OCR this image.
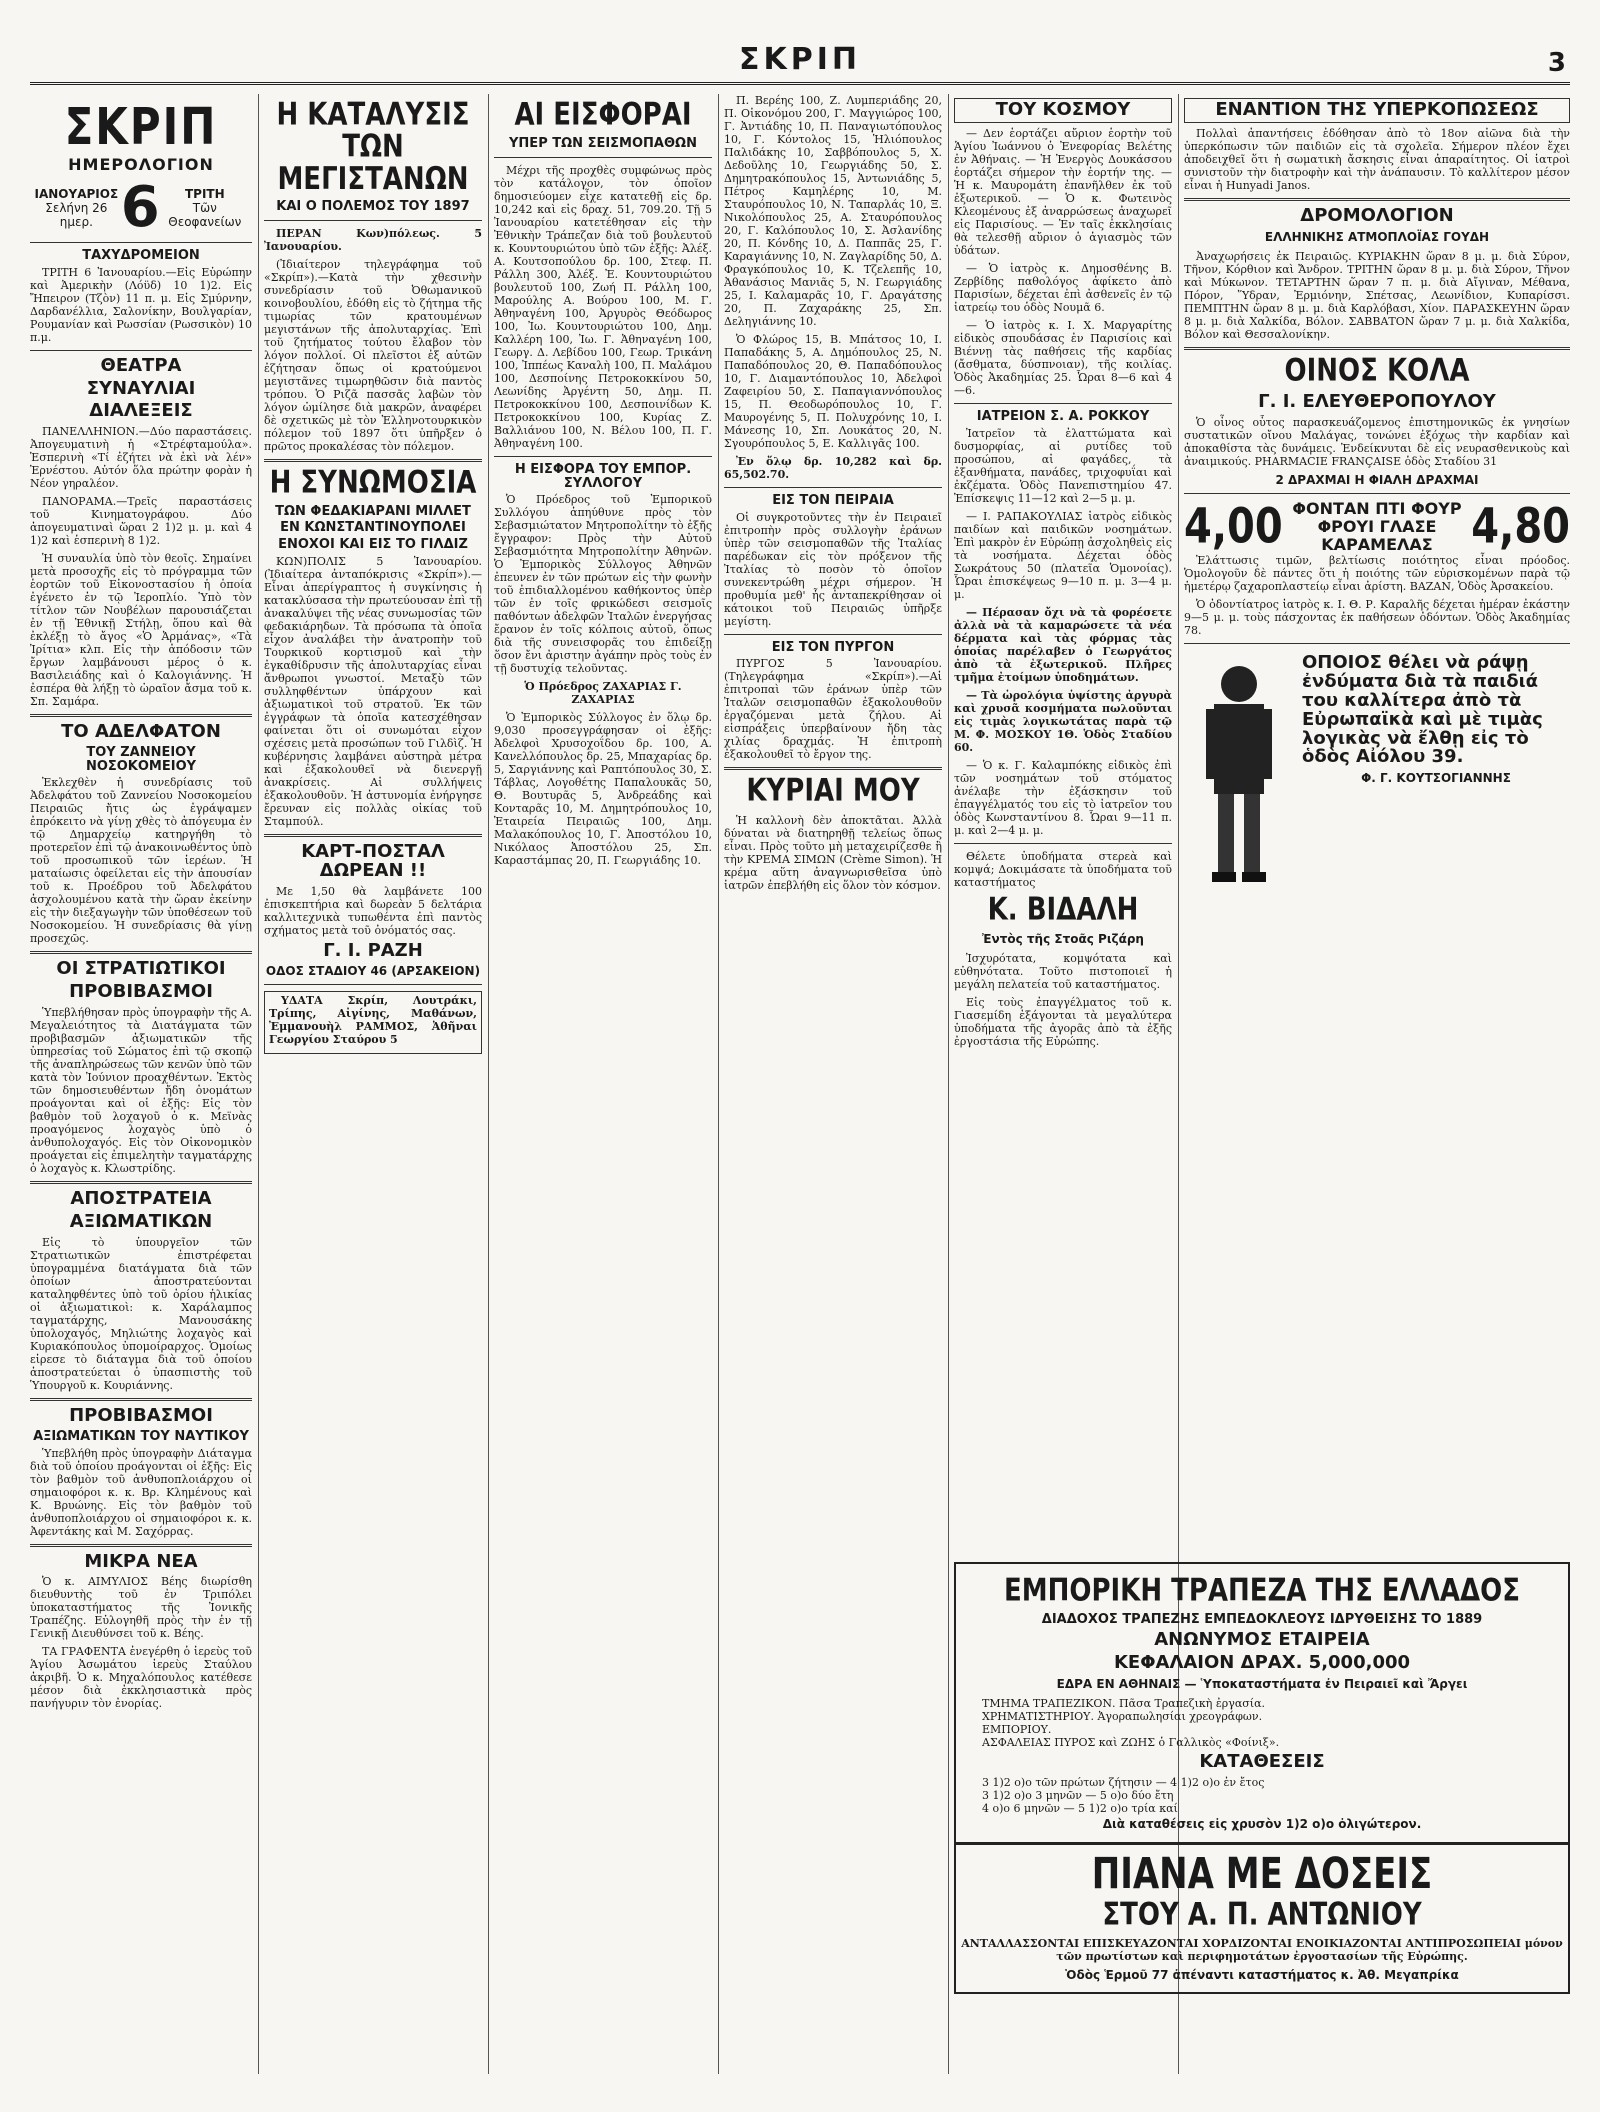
ΣΚΡΙΠ	3
ΣΚΡΙΠ
ΗΜΕΡΟΛΟΓΙΟΝ
ΙΑΝΟΥΑΡΙΟΣ
Σελήνη 26 ημερ. 6	ΤΡΙΤΗ
Τῶν Θεοφανείων
ΤΑΧΥΔΡΟΜΕΙΟΝ

ΤΡΙΤΗ 6 Ἰανουαρίου.—Εἰς Εὐρώπην καὶ Ἀμερικὴν (Λόϋδ) 10 1)2. Εἰς Ἤπειρον (Τζὸν) 11 π. μ. Εἰς Σμύρνην, Δαρδανέλλια, Σαλονίκην, Βουλγαρίαν, Ρουμανίαν καὶ Ρωσσίαν (Ρωσσικὸν) 10 π.μ.

ΘΕΑΤΡΑ
ΣΥΝΑΥΛΙΑΙ
ΔΙΑΛΕΞΕΙΣ

ΠΑΝΕΛΛΗΝΙΟΝ.—Δύο παραστάσεις. Ἀπογευματινὴ ἡ «Στρέφταμούλα». Ἑσπερινὴ «Τί ἐζήτει νὰ ἐκὶ νὰ λέν» Ἐρνέστου. Αὐτόν ὅλα πρώτην φορὰν ἡ Νέον γηραλέον.

ΠΑΝΟΡΑΜΑ.—Τρεῖς παραστάσεις τοῦ Κινηματογράφου. Δύο ἀπογευματιναὶ ὥραι 2 1)2 μ. μ. καὶ 4 1)2 καὶ ἑσπερινὴ 8 1)2.

Ἡ συναυλία ὑπὸ τὸν θεοῖς. Σημαίνει μετὰ προσοχῆς εἰς τὸ πρόγραμμα τῶν ἑορτῶν τοῦ Εἰκονοστασίου ἡ ὁποία ἐγένετο ἐν τῷ Ἰεροπλίο. Ὑπὸ τὸν τίτλον τῶν Νουβέλων παρουσιάζεται ἐν τῇ Ἐθνικῇ Στήλῃ, ὅπου καὶ θὰ ἐκλέξῃ τὸ ἄγος «Ὁ Ἀρμάνας», «Τὰ Ἰρίτια» κλπ. Εἰς τὴν ἀπόδοσιν τῶν ἔργων λαμβάνουσι μέρος ὁ κ. Βασιλειάδης καὶ ὁ Καλογιάννης. Ἡ ἐσπέρα θὰ λήξῃ τὸ ὠραῖον ἄσμα τοῦ κ. Σπ. Σαμάρα.

ΤΟ ΑΔΕΛΦΑΤΟΝ
ΤΟΥ ΖΑΝΝΕΙΟΥ ΝΟΣΟΚΟΜΕΙΟΥ

Ἐκλεχθὲν ἡ συνεδρίασις τοῦ Ἀδελφάτου τοῦ Ζαννείου Νοσοκομείου Πειραιῶς ἤτις ὡς ἐγράψαμεν ἐπρόκειτο νὰ γίνῃ χθὲς τὸ ἀπόγευμα ἐν τῷ Δημαρχείῳ κατηργήθη τὸ προτερεῖον ἐπὶ τῷ ἀνακοινωθέντος ὑπὸ τοῦ προσωπικοῦ τῶν ἱερέων. Ἡ ματαίωσις ὀφείλεται εἰς τὴν ἀπουσίαν τοῦ κ. Προέδρου τοῦ Ἀδελφάτου ἀσχολουμένου κατὰ τὴν ὥραν ἐκείνην εἰς τὴν διεξαγωγὴν τῶν ὑποθέσεων τοῦ Νοσοκομείου. Ἡ συνεδρίασις θὰ γίνῃ προσεχῶς.

ΟΙ ΣΤΡΑΤΙΩΤΙΚΟΙ
ΠΡΟΒΙΒΑΣΜΟΙ

Ὑπεβλήθησαν πρὸς ὑπογραφὴν τῆς Α. Μεγαλειότητος τὰ Διατάγματα τῶν προβιβασμῶν ἀξιωματικῶν τῆς ὑπηρεσίας τοῦ Σώματος ἐπὶ τῷ σκοπῷ τῆς ἀναπληρώσεως τῶν κενῶν ὑπὸ τῶν κατὰ τὸν Ἰούνιον προαχθέντων. Ἐκτὸς τῶν δημοσιευθέντων ἤδη ὀνομάτων προάγονται καὶ οἱ ἑξῆς: Εἰς τὸν βαθμὸν τοῦ λοχαγοῦ ὁ κ. Μεϊνὰς προαγόμενος λοχαγὸς ὑπὸ ὁ ἀνθυπολοχαγός. Εἰς τὸν Οἰκονομικὸν προάγεται εἰς ἐπιμελητὴν ταγματάρχης ὁ λοχαγὸς κ. Κλωστρίδης.

ΑΠΟΣΤΡΑΤΕΙΑ
ΑΞΙΩΜΑΤΙΚΩΝ

Εἰς τὸ ὑπουργεῖον τῶν Στρατιωτικῶν ἐπιστρέφεται ὑπογραμμένα διατάγματα διὰ τῶν ὁποίων ἀποστρατεύονται καταληφθέντες ὑπὸ τοῦ ὁρίου ἡλικίας οἱ ἀξιωματικοὶ: κ. Χαράλαμπος ταγματάρχης, Μανουσάκης ὑπολοχαγός, Μηλιώτης λοχαγὸς καὶ Κυριακόπουλος ὑπομοίραρχος. Ὁμοίως εἰρεσε τὸ διάταγμα διὰ τοῦ ὁποίου ἀποστρατεύεται ὁ ὑπασπιστὴς τοῦ Ὑπουργοῦ κ. Κουριάννης.

ΠΡΟΒΙΒΑΣΜΟΙ
ΑΞΙΩΜΑΤΙΚΩΝ ΤΟΥ ΝΑΥΤΙΚΟΥ

Ὑπεβλήθη πρὸς ὑπογραφὴν Διάταγμα διὰ τοῦ ὁποίου προάγονται οἱ ἑξῆς: Εἰς τὸν βαθμὸν τοῦ ἀνθυποπλοιάρχου οἱ σημαιοφόροι κ. κ. Βρ. Κλημένους καὶ Κ. Βρυώνης. Εἰς τὸν βαθμὸν τοῦ ἀνθυποπλοιάρχου οἱ σημαιοφόροι κ. κ. Ἀφεντάκης καὶ Μ. Σαχόρρας.

ΜΙΚΡΑ ΝΕΑ

Ὁ κ. ΑΙΜΥΛΙΟΣ Βέης διωρίσθη διευθυντὴς τοῦ ἐν Τριπόλει ὑποκαταστήματος τῆς Ἰονικῆς Τραπέζης. Εὐλογηθῆ πρὸς τὴν ἐν τῇ Γενικῇ Διευθύνσει τοῦ κ. Βέης.

ΤΑ ΓΡΑΦΕΝΤΑ ἐνεγέρθη ὁ ἱερεὺς τοῦ Ἁγίου Ἀσωμάτου ἱερεὺς Σταύλου ἀκριβῆ. Ὁ κ. Μηχαλόπουλος κατέθεσε μέσον διὰ ἐκκλησιαστικὰ πρὸς πανήγυριν τὸν ἐνορίας.

Η ΚΑΤΑΛΥΣΙΣ
ΤΩΝ ΜΕΓΙΣΤΑΝΩΝ
ΚΑΙ Ο ΠΟΛΕΜΟΣ ΤΟΥ 1897

ΠΕΡΑΝ Κων)πόλεως. 5 Ἰανουαρίου.

(Ἰδιαίτερον τηλεγράφημα τοῦ «Σκρίπ»).—Κατὰ τὴν χθεσινὴν συνεδρίασιν τοῦ Ὀθωμανικοῦ κοινοβουλίου, ἐδόθη εἰς τὸ ζήτημα τῆς τιμωρίας τῶν κρατουμένων μεγιστάνων τῆς ἀπολυταρχίας. Ἐπὶ τοῦ ζητήματος τούτου ἔλαβον τὸν λόγον πολλοί. Οἱ πλεῖστοι ἐξ αὐτῶν ἐζήτησαν ὅπως οἱ κρατούμενοι μεγιστᾶνες τιμωρηθῶσιν διὰ παντὸς τρόπου. Ὁ Ριζᾶ πασσᾶς λαβὼν τὸν λόγον ὡμίλησε διὰ μακρῶν, ἀναφέρει δὲ σχετικῶς μὲ τὸν Ἑλληνοτουρκικὸν πόλεμον τοῦ 1897 ὅτι ὑπῆρξεν ὁ πρῶτος προκαλέσας τὸν πόλεμον.

Η ΣΥΝΩΜΟΣΙΑ
ΤΩΝ ΦΕΔΑΚΙΑΡΑΝΙ ΜΙΛΛΕΤ
ΕΝ ΚΩΝΣΤΑΝΤΙΝΟΥΠΟΛΕΙ
ΕΝΟΧΟΙ ΚΑΙ ΕΙΣ ΤΟ ΓΙΛΔΙΖ

ΚΩΝ)ΠΟΛΙΣ 5 Ἰανουαρίου. (Ἰδιαίτερα ἀνταπόκρισις «Σκρίπ»).—Εἶναι ἀπερίγραπτος ἡ συγκίνησις ἡ κατακλύσασα τὴν πρωτεύουσαν ἐπὶ τῇ ἀνακαλύψει τῆς νέας συνωμοσίας τῶν φεδακιάρηδων. Τὰ πρόσωπα τὰ ὁποῖα εἶχον ἀναλάβει τὴν ἀνατροπὴν τοῦ Τουρκικοῦ κορτισμοῦ καὶ τὴν ἐγκαθίδρυσιν τῆς ἀπολυταρχίας εἶναι ἄνθρωποι γνωστοί. Μεταξὺ τῶν συλληφθέντων ὑπάρχουν καὶ ἀξιωματικοὶ τοῦ στρατοῦ. Ἐκ τῶν ἐγγράφων τὰ ὁποῖα κατεσχέθησαν φαίνεται ὅτι οἱ συνωμόται εἶχον σχέσεις μετὰ προσώπων τοῦ Γιλδὶζ. Ἡ κυβέρνησις λαμβάνει αὐστηρὰ μέτρα καὶ ἐξακολουθεῖ νὰ διενεργῇ ἀνακρίσεις. Αἱ συλλήψεις ἐξακολουθοῦν. Ἡ ἀστυνομία ἐνήργησε ἔρευναν εἰς πολλὰς οἰκίας τοῦ Σταμπούλ.

ΚΑΡΤ-ΠΟΣΤΑΛ ΔΩΡΕΑΝ !!

Με 1,50 θὰ λαμβάνετε 100 ἐπισκεπτήρια καὶ δωρεὰν 5 δελτάρια καλλιτεχνικὰ τυπωθέντα ἐπὶ παντὸς σχήματος μετὰ τοῦ ὀνόματός σας.

Γ. Ι. ΡΑΖΗ
ΟΔΟΣ ΣΤΑΔΙΟΥ 46 (ΑΡΣΑΚΕΙΟΝ)

ΥΔΑΤΑ Σκρίπ, Λουτράκι, Τρίπης, Αἰγίνης, Μαθάνων, Ἐμμανουὴλ ΡΑΜΜΟΣ, Ἀθῆναι Γεωργίου Σταύρου 5

ΑΙ ΕΙΣΦΟΡΑΙ
ΥΠΕΡ ΤΩΝ ΣΕΙΣΜΟΠΑΘΩΝ

Μέχρι τῆς προχθὲς συμφώνως πρὸς τὸν κατάλογον, τὸν ὁποῖον δημοσιεύομεν εἶχε κατατεθῇ εἰς δρ. 10,242 καὶ εἰς δραχ. 51, 709.20. Τῇ 5 Ἰανουαρίου κατετέθησαν εἰς τὴν Ἐθνικὴν Τράπεζαν διὰ τοῦ βουλευτοῦ κ. Κουντουριώτου ὑπὸ τῶν ἑξῆς: Ἀλέξ. Α. Κουτσοπούλου δρ. 100, Στεφ. Π. Ράλλη 300, Ἀλέξ. Ἐ. Κουντουριώτου βουλευτοῦ 100, Ζωή Π. Ράλλη 100, Μαρούλης Α. Βούρου 100, Μ. Γ. Ἀθηναγένη 100, Ἀργυρὸς Θεόδωρος 100, Ἰω. Κουντουριώτου 100, Δημ. Καλλέρη 100, Ἰω. Γ. Ἀθηναγένη 100, Γεωργ. Δ. Λεβίδου 100, Γεωρ. Τρικάνη 100, Ἰππέως Καναλὴ 100, Π. Μαλάμου 100, Δεσποίνης Πετροκοκκίνου 50, Λεωνίδης Ἀργέντη 50, Δημ. Π. Πετροκοκκίνου 100, Δεσποινίδων Κ. Πετροκοκκίνου 100, Κυρίας Ζ. Βαλλιάνου 100, Ν. Βέλου 100, Π. Γ. Ἀθηναγένη 100.

Η ΕΙΣΦΟΡΑ ΤΟΥ ΕΜΠΟΡ. ΣΥΛΛΟΓΟΥ

Ὁ Πρόεδρος τοῦ Ἐμπορικοῦ Συλλόγου ἀπηύθυνε πρὸς τὸν Σεβασμιώτατον Μητροπολίτην τὸ ἑξῆς ἔγγραφον: Πρὸς τὴν Αὐτοῦ Σεβασμιότητα Μητροπολίτην Ἀθηνῶν. Ὁ Ἐμπορικὸς Σύλλογος Ἀθηνῶν ἐπευνεν ἐν τῶν πρώτων εἰς τὴν φωνὴν τοῦ ἐπιδιαλλομένου καθήκοντος ὑπὲρ τῶν ἐν τοῖς φρικώδεσι σεισμοῖς παθόντων ἀδελφῶν Ἰταλῶν ἐνεργήσας ἔρανον ἐν τοῖς κόλποις αὐτοῦ, ὅπως διὰ τῆς συνεισφορᾶς του ἐπιδείξῃ ὅσον ἔνι ἀριστην ἀγάπην πρὸς τοὺς ἐν τῇ δυστυχίᾳ τελοῦντας.

Ὁ Πρόεδρος ΖΑΧΑΡΙΑΣ Γ. ΖΑΧΑΡΙΑΣ

Ὁ Ἐμπορικὸς Σύλλογος ἐν ὅλῳ δρ. 9,030 προσεγγράφησαν οἱ ἑξῆς: Ἀδελφοὶ Χρυσοχοΐδου δρ. 100, Α. Κανελλόπουλος δρ. 25, Μπαχαρίας δρ. 5, Σαργιάννης καὶ Ραπτόπουλος 30, Σ. Τάβλας, Λογοθέτης Παπαλουκᾶς 50, Θ. Βουτυρᾶς 5, Ἀνδρεάδης καὶ Κονταρᾶς 10, Μ. Δημητρόπουλος 10, Ἑταιρεία Πειραιῶς 100, Δημ. Μαλακόπουλος 10, Γ. Ἀποστόλου 10, Νικόλαος Ἀποστόλου 25, Σπ. Καραστάμπας 20, Π. Γεωργιάδης 10.

Π. Βερέης 100, Ζ. Λυμπεριάδης 20, Π. Οἰκονόμου 200, Γ. Μαγγιώρος 100, Γ. Ἀντιάδης 10, Π. Παναγιωτόπουλος 10, Γ. Κόντολος 15, Ἡλιόπουλος Παλιδάκης 10, Σαββόπουλος 5, Χ. Δεδοῦλης 10, Γεωργιάδης 50, Σ. Δημητρακόπουλος 15, Ἀντωνιάδης 5, Πέτρος Καμηλέρης 10, Μ. Σταυρόπουλος 10, Ν. Ταπαρλάς 10, Ξ. Νικολόπουλος 25, Α. Σταυρόπουλος 20, Γ. Καλόπουλος 10, Σ. Ἀσλανίδης 20, Π. Κόνδης 10, Δ. Παππᾶς 25, Γ. Καραγιάννης 10, Ν. Ζαγλαρίδης 50, Δ. Φραγκόπουλος 10, Κ. Τζελεπῆς 10, Ἀθανάσιος Μανιᾶς 5, Ν. Γεωργιάδης 25, Ι. Καλαμαρᾶς 10, Γ. Δραγάτσης 20, Π. Ζαχαράκης 25, Σπ. Δεληγιάννης 10.

Ὁ Φλώρος 15, Β. Μπάτσος 10, Ι. Παπαδάκης 5, Α. Δημόπουλος 25, Ν. Παπαδόπουλος 20, Θ. Παπαδόπουλος 10, Γ. Διαμαντόπουλος 10, Ἀδελφοὶ Ζαφειρίου 50, Σ. Παπαγιαννόπουλος 15, Π. Θεοδωρόπουλος 10, Γ. Μαυρογένης 5, Π. Πολυχρόνης 10, Ι. Μάνεσης 10, Σπ. Λουκάτος 20, Ν. Σγουρόπουλος 5, Ε. Καλλιγᾶς 100.

Ἐν ὅλῳ δρ. 10,282 καὶ δρ. 65,502.70.

ΕΙΣ ΤΟΝ ΠΕΙΡΑΙΑ

Οἱ συγκροτοῦντες τὴν ἐν Πειραιεῖ ἐπιτροπὴν πρὸς συλλογὴν ἐράνων ὑπὲρ τῶν σεισμοπαθῶν τῆς Ἰταλίας παρέδωκαν εἰς τὸν πρόξενον τῆς Ἰταλίας τὸ ποσὸν τὸ ὁποῖον συνεκεντρώθη μέχρι σήμερον. Ἡ προθυμία μεθ' ἧς ἀνταπεκρίθησαν οἱ κάτοικοι τοῦ Πειραιῶς ὑπῆρξε μεγίστη.

ΕΙΣ ΤΟΝ ΠΥΡΓΟΝ

ΠΥΡΓΟΣ 5 Ἰανουαρίου. (Τηλεγράφημα «Σκρίπ»).—Αἱ ἐπιτροπαὶ τῶν ἐράνων ὑπὲρ τῶν Ἰταλῶν σεισμοπαθῶν ἐξακολουθοῦν ἐργαζόμεναι μετὰ ζήλου. Αἱ εἰσπράξεις ὑπερβαίνουν ἤδη τὰς χιλίας δραχμάς. Ἡ ἐπιτροπὴ ἐξακολουθεῖ τὸ ἔργον της.

ΚΥΡΙΑΙ ΜΟΥ

Ἡ καλλονὴ δὲν ἀποκτᾶται. Ἀλλὰ δύναται νὰ διατηρηθῇ τελείως ὅπως εἶναι. Πρὸς τοῦτο μὴ μεταχειρίζεσθε ἢ τὴν ΚΡΕΜΑ ΣΙΜΩΝ (Crème Simon). Ἡ κρέμα αὕτη ἀναγνωρισθεῖσα ὑπὸ ἰατρῶν ἐπεβλήθη εἰς ὅλον τὸν κόσμον.

ΤΟΥ ΚΟΣΜΟΥ

— Δεν ἑορτάζει αὔριον ἑορτὴν τοῦ Ἁγίου Ἰωάννου ὁ Ἐνεφορίας Βελέτης ἐν Ἀθήναις. — Ἡ Ἐνεργὸς Δουκάσσου ἑορτάζει σήμερον τὴν ἑορτήν της. — Ἡ κ. Μαυρομάτη ἐπανῆλθεν ἐκ τοῦ ἐξωτερικοῦ. — Ὁ κ. Φωτεινὸς Κλεομένους ἐξ ἀναρρώσεως ἀναχωρεῖ εἰς Παρισίους. — Ἐν ταῖς ἐκκλησίαις θὰ τελεσθῇ αὔριον ὁ ἁγιασμὸς τῶν ὑδάτων.

— Ὁ ἰατρὸς κ. Δημοσθένης Β. Ζερβίδης παθολόγος ἀφίκετο ἀπὸ Παρισίων, δέχεται ἐπὶ ἀσθενεῖς ἐν τῷ ἰατρείῳ του ὁδὸς Νουμᾶ 6.

— Ὁ ἰατρὸς κ. Ι. Χ. Μαργαρίτης εἰδικὸς σπουδάσας ἐν Παρισίοις καὶ Βιέννῃ τὰς παθήσεις τῆς καρδίας (ἄσθματα, δύσπνοιαν), τῆς κοιλίας. Ὁδὸς Ἀκαδημίας 25. Ὧραι 8—6 καὶ 4—6.

ΙΑΤΡΕΙΟΝ Σ. Α. ΡΟΚΚΟΥ

Ἰατρεῖον τὰ ἐλαττώματα καὶ δυσμορφίας, αἱ ρυτίδες τοῦ προσώπου, αἱ φαγάδες, τὰ ἐξανθήματα, πανάδες, τριχοφυΐαι καὶ ἐκζέματα. Ὁδὸς Πανεπιστημίου 47. Ἐπίσκεψις 11—12 καὶ 2—5 μ. μ.

— Ι. ΡΑΠΑΚΟΥΛΙΑΣ ἰατρὸς εἰδικὸς παιδίων καὶ παιδικῶν νοσημάτων. Ἐπὶ μακρὸν ἐν Εὐρώπῃ ἀσχοληθεὶς εἰς τὰ νοσήματα. Δέχεται ὁδὸς Σωκράτους 50 (πλατεῖα Ὁμονοίας). Ὧραι ἐπισκέψεως 9—10 π. μ. 3—4 μ. μ.

— Πέρασαν ὄχι νὰ τὰ φορέσετε ἀλλὰ νὰ τὰ καμαρώσετε τὰ νέα δέρματα καὶ τὰς φόρμας τὰς ὁποίας παρέλαβεν ὁ Γεωργάτος ἀπὸ τὰ ἐξωτερικοῦ. Πλῆρες τμῆμα ἐτοίμων ὑποδημάτων.

— Τὰ ὡρολόγια ὑψίστης ἀργυρὰ καὶ χρυσᾶ κοσμήματα πωλοῦνται εἰς τιμὰς λογικωτάτας παρὰ τῷ Μ. Φ. ΜΟΣΚΟΥ 1Θ. Ὁδὸς Σταδίου 60.

— Ὁ κ. Γ. Καλαμπόκης εἰδικὸς ἐπὶ τῶν νοσημάτων τοῦ στόματος ἀνέλαβε τὴν ἐξάσκησιν τοῦ ἐπαγγέλματός του εἰς τὸ ἰατρεῖον του ὁδὸς Κωνσταντίνου 8. Ὧραι 9—11 π. μ. καὶ 2—4 μ. μ.

Θέλετε ὑποδήματα στερεὰ καὶ κομψά; Δοκιμάσατε τὰ ὑποδήματα τοῦ καταστήματος

Κ. ΒΙΔΑΛΗ
Ἐντὸς τῆς Στοᾶς Ριζάρη

Ἰσχυρότατα, κομψότατα καὶ εὐθηνότατα. Τοῦτο πιστοποιεῖ ἡ μεγάλη πελατεία τοῦ καταστήματος.

Εἰς τοὺς ἐπαγγέλματος τοῦ κ. Γιασεμίδη ἐξάγονται τὰ μεγαλύτερα ὑποδήματα τῆς ἀγορᾶς ἀπὸ τὰ ἐξῆς ἐργοστάσια τῆς Εὐρώπης.

ΕΝΑΝΤΙΟΝ ΤΗΣ ΥΠΕΡΚΟΠΩΣΕΩΣ

Πολλαὶ ἀπαντήσεις ἐδόθησαν ἀπὸ τὸ 18ον αἰῶνα διὰ τὴν ὑπερκόπωσιν τῶν παιδιῶν εἰς τὰ σχολεῖα. Σήμερον πλέον ἔχει ἀποδειχθεῖ ὅτι ἡ σωματικὴ ἄσκησις εἶναι ἀπαραίτητος. Οἱ ἰατροὶ συνιστοῦν τὴν διατροφὴν καὶ τὴν ἀνάπαυσιν. Τὸ καλλίτερον μέσον εἶναι ἡ Hunyadi Janos.

ΔΡΟΜΟΛΟΓΙΟΝ
ΕΛΛΗΝΙΚΗΣ ΑΤΜΟΠΛΟΪΑΣ ΓΟΥΔΗ

Ἀναχωρήσεις ἐκ Πειραιῶς. ΚΥΡΙΑΚΗΝ ὥραν 8 μ. μ. διὰ Σύρον, Τῆνον, Κόρθιον καὶ Ἄνδρον. ΤΡΙΤΗΝ ὥραν 8 μ. μ. διὰ Σύρον, Τῆνον καὶ Μύκωνον. ΤΕΤΑΡΤΗΝ ὥραν 7 π. μ. διὰ Αἴγιναν, Μέθανα, Πόρον, Ὕδραν, Ἐρμιόνην, Σπέτσας, Λεωνίδιον, Κυπαρίσσι. ΠΕΜΠΤΗΝ ὥραν 8 μ. μ. διὰ Καρλόβασι, Χίον. ΠΑΡΑΣΚΕΥΗΝ ὥραν 8 μ. μ. διὰ Χαλκίδα, Βόλον. ΣΑΒΒΑΤΟΝ ὥραν 7 μ. μ. διὰ Χαλκίδα, Βόλον καὶ Θεσσαλονίκην.

ΟΙΝΟΣ ΚΟΛΑ
Γ. Ι. ΕΛΕΥΘΕΡΟΠΟΥΛΟΥ

Ὁ οἶνος οὗτος παρασκευάζομενος ἐπιστημονικῶς ἐκ γνησίων συστατικῶν οἴνου Μαλάγας, τονώνει ἐξόχως τὴν καρδίαν καὶ ἀποκαθίστα τὰς δυνάμεις. Ἐνδείκνυται δὲ εἰς νευρασθενικοὺς καὶ ἀναιμικούς. PHARMACIE FRANÇAISE ὁδὸς Σταδίου 31

2 ΔΡΑΧΜΑΙ Η ΦΙΑΛΗ ΔΡΑΧΜΑΙ
4,00 ΦΟΝΤΑΝ ΠΤΙ ΦΟΥΡ ΦΡΟΥΙ ΓΛΑΣΕ ΚΑΡΑΜΕΛΑΣ 4,80

Ἐλάττωσις τιμῶν, βελτίωσις ποιότητος εἶναι πρόοδος. Ὁμολογοῦν δὲ πάντες ὅτι ἡ ποιότης τῶν εὐρισκομένων παρὰ τῷ ἡμετέρῳ ζαχαροπλαστείῳ εἶναι ἀρίστη. ΒΑΖΑΝ, Ὁδὸς Ἀρσακείου.

Ὁ ὀδοντίατρος ἰατρὸς κ. Ι. Θ. Ρ. Καραλῆς δέχεται ἡμέραν ἐκάστην 9—5 μ. μ. τοὺς πάσχοντας ἐκ παθήσεων ὀδόντων. Ὁδὸς Ἀκαδημίας 78.

ΟΠΟΙΟΣ θέλει νὰ ράψῃ ἐνδύματα διὰ τὰ παιδιά του καλλίτερα ἀπὸ τὰ Εὐρωπαϊκὰ καὶ μὲ τιμὰς λογικὰς νὰ ἔλθῃ εἰς τὸ ὁδὸς Αἰόλου 39.
Φ. Γ. ΚΟΥΤΣΟΓΙΑΝΝΗΣ
ΕΜΠΟΡΙΚΗ ΤΡΑΠΕΖΑ ΤΗΣ ΕΛΛΑΔΟΣ
ΔΙΑΔΟΧΟΣ ΤΡΑΠΕΖΗΣ ΕΜΠΕΔΟΚΛΕΟΥΣ ΙΔΡΥΘΕΙΣΗΣ ΤΟ 1889
ΑΝΩΝΥΜΟΣ ΕΤΑΙΡΕΙΑ
ΚΕΦΑΛΑΙΟΝ ΔΡΑΧ. 5,000,000
ΕΔΡΑ ΕΝ ΑΘΗΝΑΙΣ — Ὑποκαταστήματα ἐν Πειραιεῖ καὶ Ἄργει
ΤΜΗΜΑ ΤΡΑΠΕΖΙΚΟΝ. Πᾶσα Τραπεζικὴ ἐργασία.
ΧΡΗΜΑΤΙΣΤΗΡΙΟΥ. Ἀγοραπωλησίαι χρεογράφων.
ΕΜΠΟΡΙΟΥ.
ΑΣΦΑΛΕΙΑΣ ΠΥΡΟΣ καὶ ΖΩΗΣ ὁ Γαλλικὸς «Φοίνιξ».
ΚΑΤΑΘΕΣΕΙΣ
3 1)2 ο)ο τῶν πρώτων ζήτησιν — 4 1)2 ο)ο ἐν ἔτος
3 1)2 ο)ο 3 μηνῶν — 5 ο)ο δύο ἔτη
4 ο)ο 6 μηνῶν — 5 1)2 ο)ο τρία καί
Διὰ καταθέσεις εἰς χρυσὸν 1)2 ο)ο ὀλιγώτερον.
ΠΙΑΝΑ ΜΕ ΔΟΣΕΙΣ
ΣΤΟΥ Α. Π. ΑΝΤΩΝΙΟΥ

ΑΝΤΑΛΛΑΣΣΟΝΤΑΙ ΕΠΙΣΚΕΥΑΖΟΝΤΑΙ ΧΟΡΔΙΖΟΝΤΑΙ ΕΝΟΙΚΙΑΖΟΝΤΑΙ ΑΝΤΙΠΡΟΣΩΠΕΙΑΙ μόνον τῶν πρωτίστων καὶ περιφημοτάτων ἐργοστασίων τῆς Εὐρώπης.

Ὁδὸς Ἑρμοῦ 77 ἀπέναντι καταστήματος κ. Ἀθ. Μεγαπρίκα
